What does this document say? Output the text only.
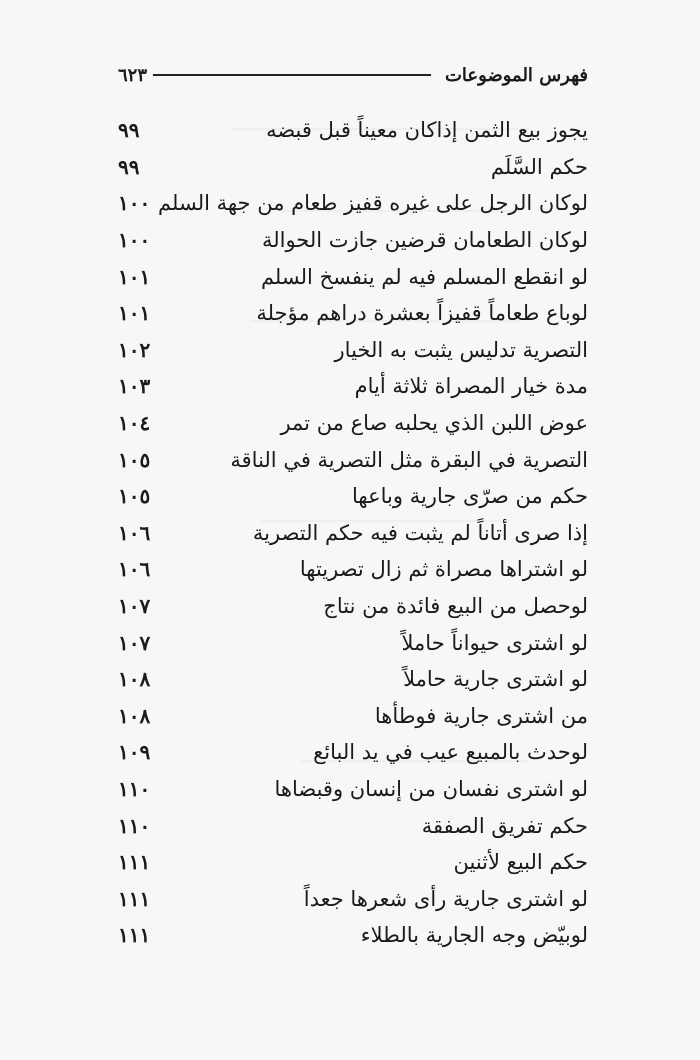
فهرس الموضوعات
٦٢٣
يجوز بيع الثمن إذاكان معيناً قبل قبضه
٩٩
حكم السَّلَم
٩٩
لوكان الرجل على غيره قفيز طعام من جهة السلم
١٠٠
لوكان الطعامان قرضين جازت الحوالة
١٠٠
لو انقطع المسلم فيه لم ينفسخ السلم
١٠١
لوباع طعاماً قفيزاً بعشرة دراهم مؤجلة
١٠١
التصرية تدليس يثبت به الخيار
١٠٢
مدة خيار المصراة ثلاثة أيام
١٠٣
عوض اللبن الذي يحلبه صاع من تمر
١٠٤
التصرية في البقرة مثل التصرية في الناقة
١٠٥
حكم من صرّى جارية وباعها
١٠٥
إذا صرى أتاناً لم يثبت فيه حكم التصرية
١٠٦
لو اشتراها مصراة ثم زال تصريتها
١٠٦
لوحصل من البيع فائدة من نتاج
١٠٧
لو اشترى حيواناً حاملاً
١٠٧
لو اشترى جارية حاملاً
١٠٨
من اشترى جارية فوطأها
١٠٨
لوحدث بالمبيع عيب في يد البائع
١٠٩
لو اشترى نفسان من إنسان وقبضاها
١١٠
حكم تفريق الصفقة
١١٠
حكم البيع لأثنين
١١١
لو اشترى جارية رأى شعرها جعداً
١١١
لوبيّض وجه الجارية بالطلاء
١١١
